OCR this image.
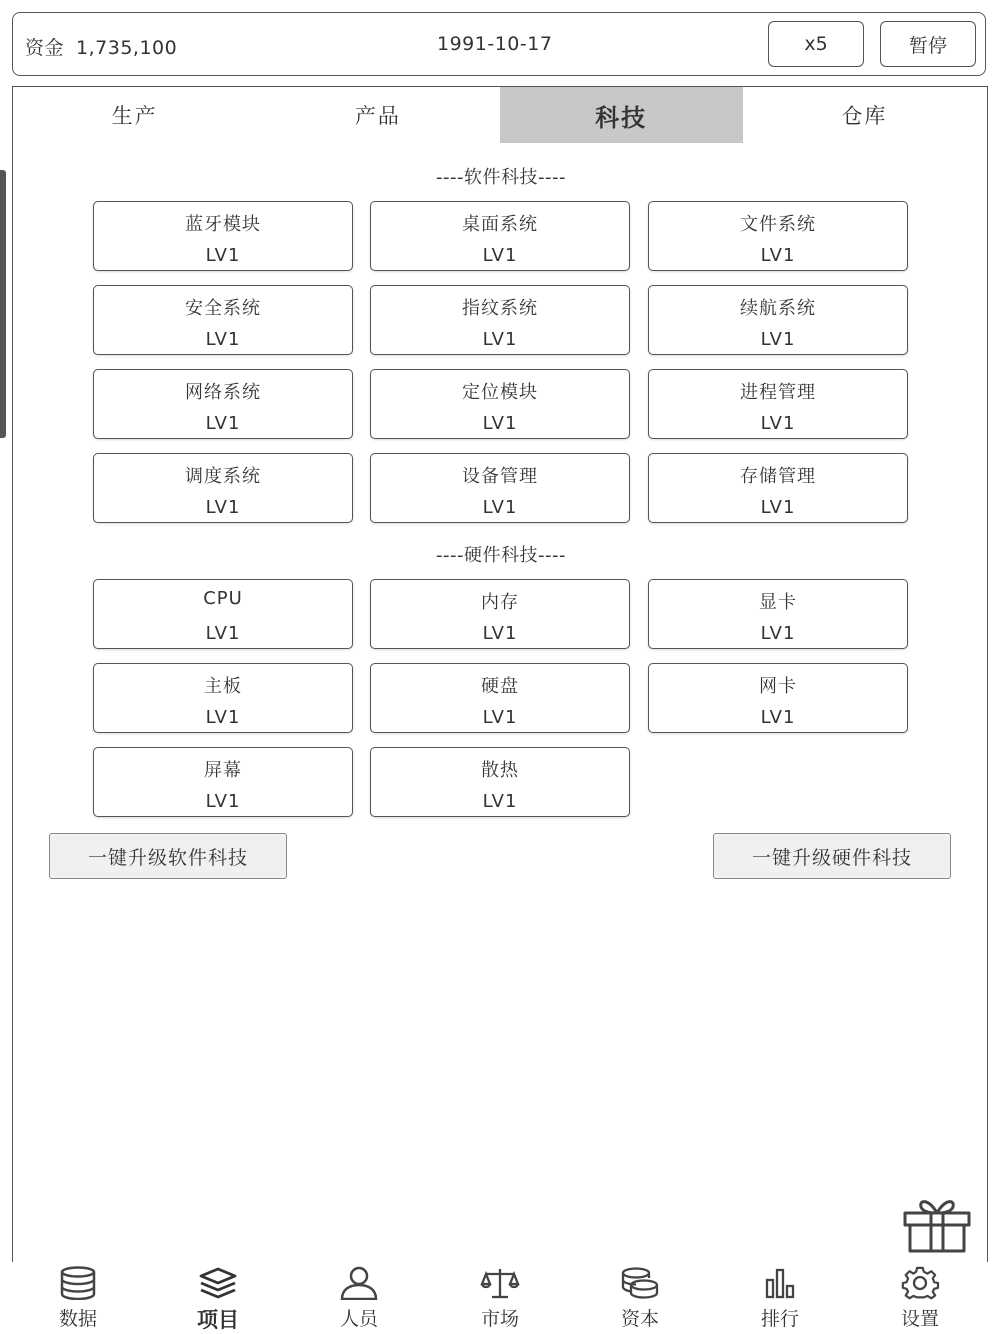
资金 1,735,100	1991-10-17	x5	暂停
生产	产品	科技	仓库
----软件科技----
蓝牙模块
LV1
桌面系统
LV1
文件系统
LV1
安全系统
LV1
指纹系统
LV1
续航系统
LV1
网络系统
LV1
定位模块
LV1
进程管理
LV1
调度系统
LV1
设备管理
LV1
存储管理
LV1
----硬件科技----
CPU
LV1
内存
LV1
显卡
LV1
主板
LV1
硬盘
LV1
网卡
LV1
屏幕
LV1
散热
LV1
一键升级软件科技	一键升级硬件科技
数据	项目	人员	市场	资本	排行	设置
